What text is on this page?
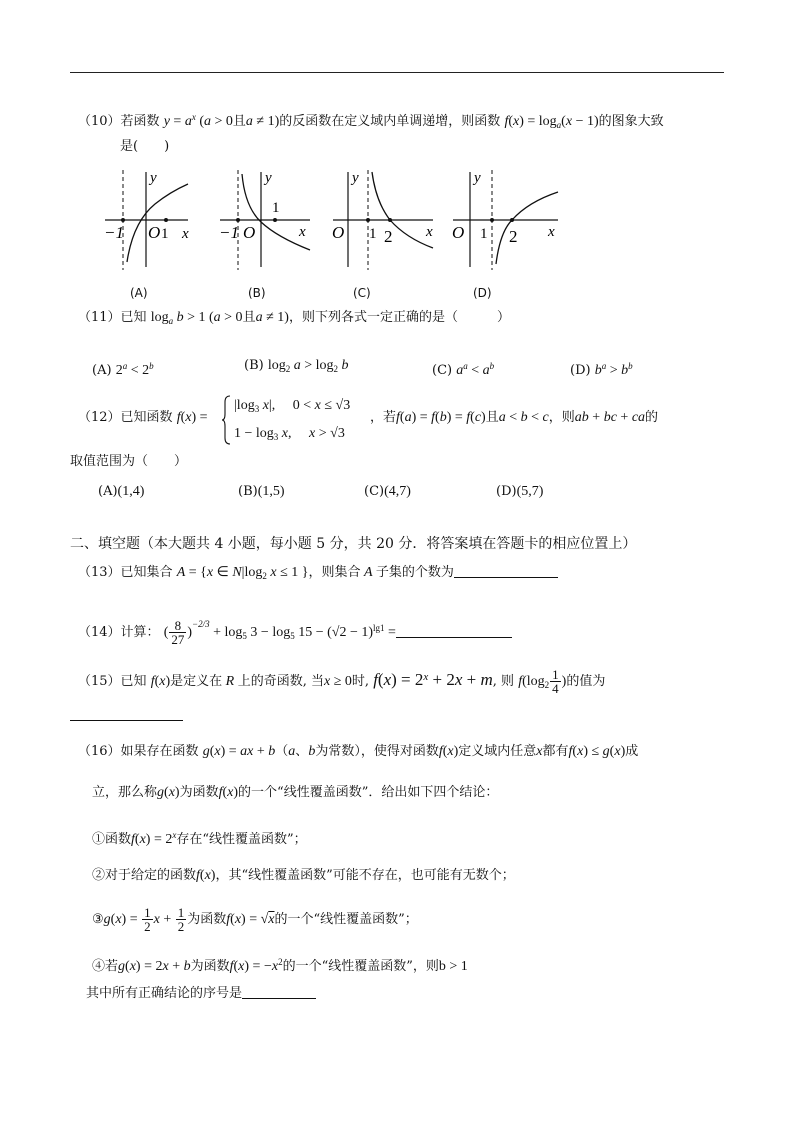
（10）若函数 $y = a^x$ (a > 0且a ≠ 1)的反函数在定义域内单调递增，则函数 $f(x) = \log_a(x - 1)$的图象大致
是(　　)
y
x
−1 O 1
y
x
−1 O
1
y
x
O 1 2
y
x
O 1 2
(A)	(B)	(C)	(D)
（11）已知 $\log_a b > 1$ (a > 0且a ≠ 1)，则下列各式一定正确的是（　　　）
(A) $2^a < 2^b$	(B) $\log_2 a > \log_2 b$	(C) $a^a < a^b$	(D) $b^a > b^b$
（12）已知函数 f(x) =
$|\log_3$ x|,　 0 < x ≤ √3
$1 - \log_3 x$,　 x > √3
，若f(a) = f(b) = f(c)且a < b < c，则ab + bc + ca的
取值范围为（　　）
(A)(1,4)	(B)(1,5)	(C)(4,7)	(D)(5,7)
二、填空题（本大题共 4 小题，每小题 5 分，共 20 分．将答案填在答题卡的相应位置上）
（13）已知集合 A = {x ∈ $N|\log_2$ x ≤ 1 }，则集合 A 子集的个数为
（14）计算： ( $\frac{8}{27} )^{-2/3} + \log_5 3 - \log_5 15 - (√2 - 1)^{lg1}$ =
（15）已知 f(x)是定义在 R 上的奇函数, 当x ≥ 0时, $f(x) = 2^x + 2x + m$, 则 $f(\log_2 \frac{1}{4}$ )的值为
（16）如果存在函数 g(x) = ax + b（a、b为常数），使得对函数f(x)定义域内任意x都有f(x) ≤ g(x)成
立，那么称g(x)为函数f(x)的一个“线性覆盖函数”．给出如下四个结论：
①函数$f(x) = 2^x$存在“线性覆盖函数”；
②对于给定的函数f(x)，其“线性覆盖函数”可能不存在，也可能有无数个；
③g(x) = $\frac{1}{2}$ $x + \frac{1}{2}$ 为函数f(x) = √x的一个“线性覆盖函数”；
④若g(x) = 2x + b为函数$f(x) = -x^2$的一个“线性覆盖函数”，则b > 1
其中所有正确结论的序号是
